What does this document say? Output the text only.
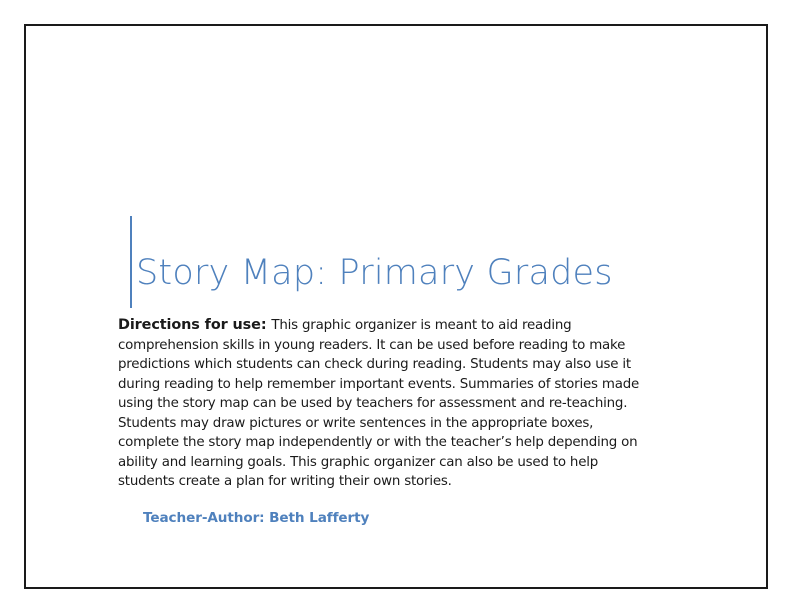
Story Map: Primary Grades
Directions for use: This graphic organizer is meant to aid reading
comprehension skills in young readers. It can be used before reading to make
predictions which students can check during reading. Students may also use it
during reading to help remember important events. Summaries of stories made
using the story map can be used by teachers for assessment and re-teaching.
Students may draw pictures or write sentences in the appropriate boxes,
complete the story map independently or with the teacher’s help depending on
ability and learning goals. This graphic organizer can also be used to help
students create a plan for writing their own stories.
Teacher-Author: Beth Lafferty
